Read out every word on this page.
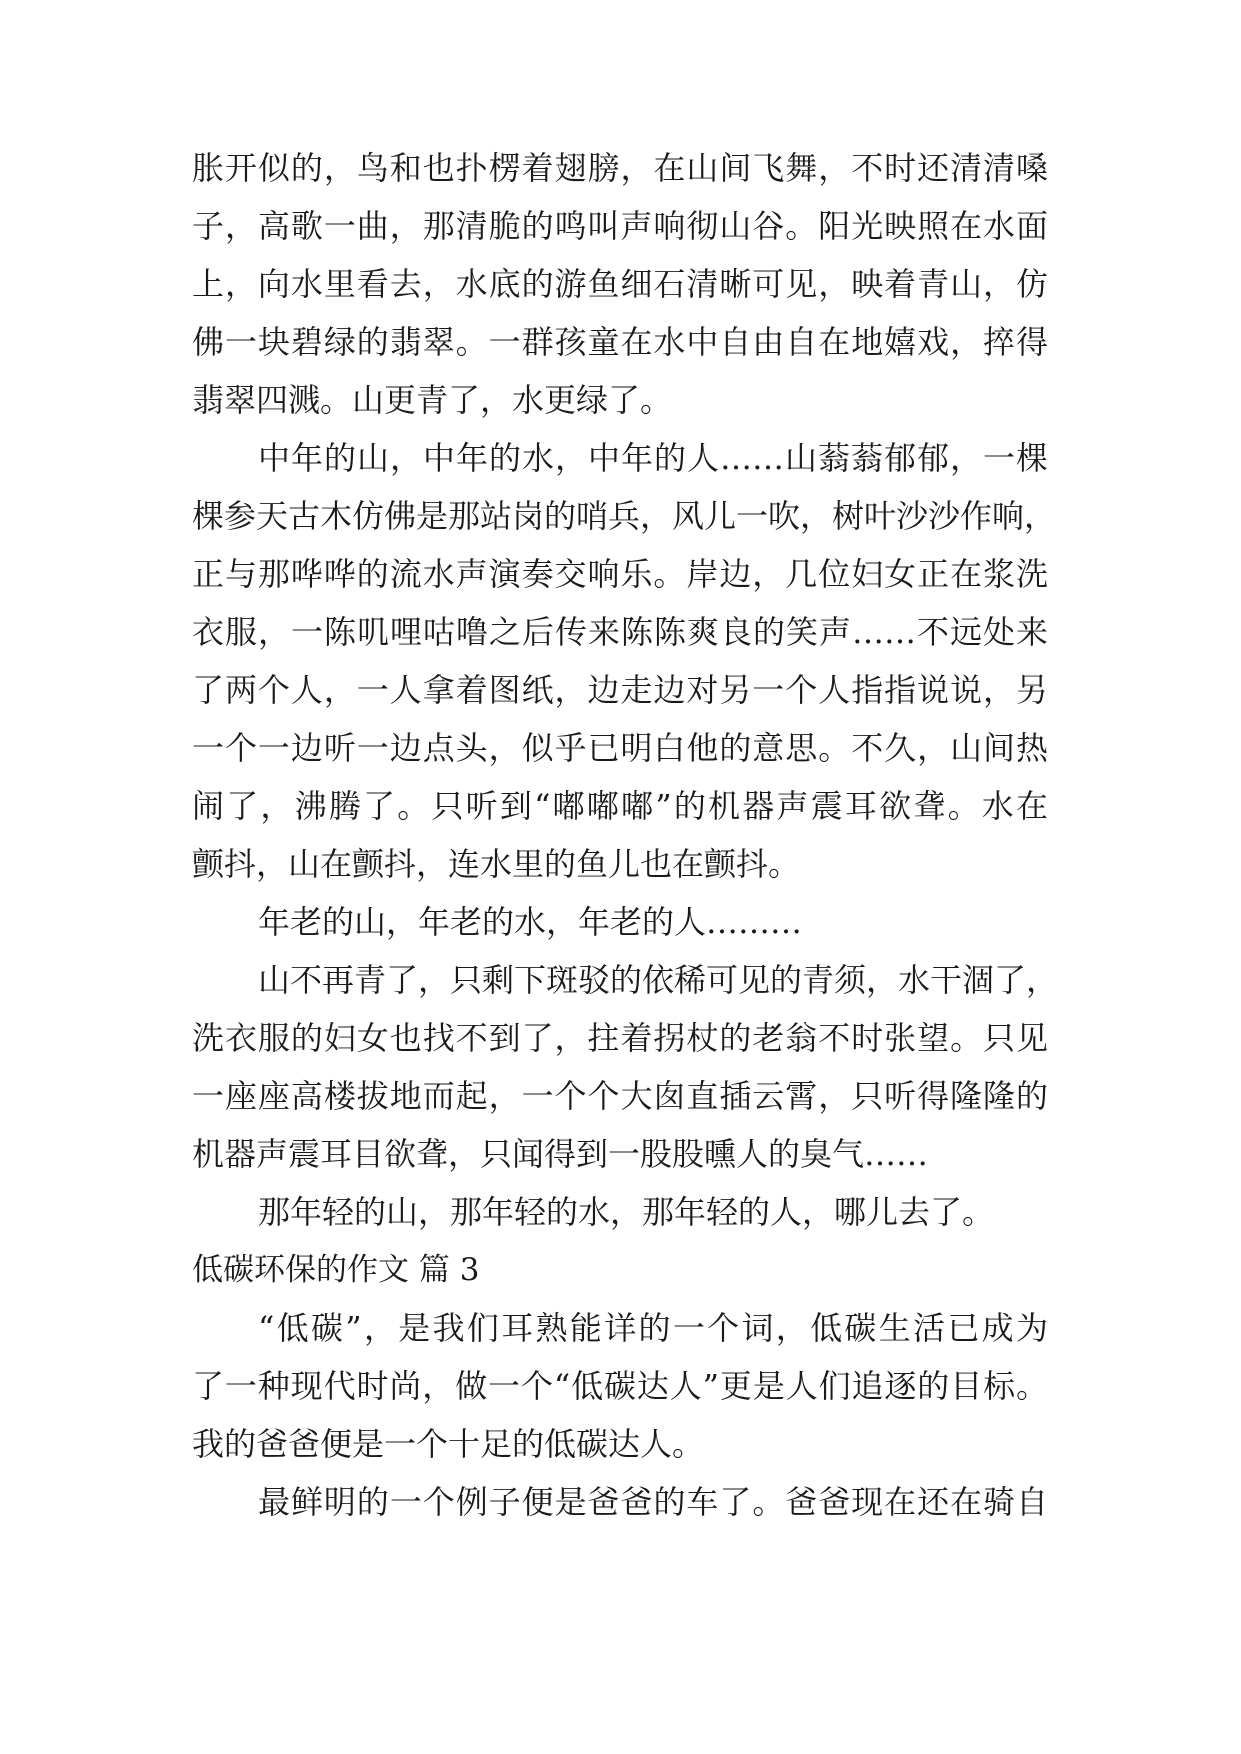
胀开似的，鸟和也扑楞着翅膀，在山间飞舞，不时还清清嗓
子，高歌一曲，那清脆的鸣叫声响彻山谷。阳光映照在水面
上，向水里看去，水底的游鱼细石清晰可见，映着青山，仿
佛一块碧绿的翡翠。一群孩童在水中自由自在地嬉戏，捽得
翡翠四溅。山更青了，水更绿了。
中年的山，中年的水，中年的人……山蓊蓊郁郁，一棵
棵参天古木仿佛是那站岗的哨兵，风儿一吹，树叶沙沙作响，
正与那哗哗的流水声演奏交响乐。岸边，几位妇女正在浆洗
衣服，一陈叽哩咕噜之后传来陈陈爽良的笑声……不远处来
了两个人，一人拿着图纸，边走边对另一个人指指说说，另
一个一边听一边点头，似乎已明白他的意思。不久，山间热
闹了，沸腾了。只听到“嘟嘟嘟”的机器声震耳欲聋。水在
颤抖，山在颤抖，连水里的鱼儿也在颤抖。
年老的山，年老的水，年老的人………
山不再青了，只剩下斑驳的依稀可见的青须，水干涸了，
洗衣服的妇女也找不到了，拄着拐杖的老翁不时张望。只见
一座座高楼拔地而起，一个个大囱直插云霄，只听得隆隆的
机器声震耳目欲聋，只闻得到一股股曛人的臭气……
那年轻的山，那年轻的水，那年轻的人，哪儿去了。
低碳环保的作文 篇 3
“低碳”，是我们耳熟能详的一个词，低碳生活已成为
了一种现代时尚，做一个“低碳达人”更是人们追逐的目标。
我的爸爸便是一个十足的低碳达人。
最鲜明的一个例子便是爸爸的车了。爸爸现在还在骑自
